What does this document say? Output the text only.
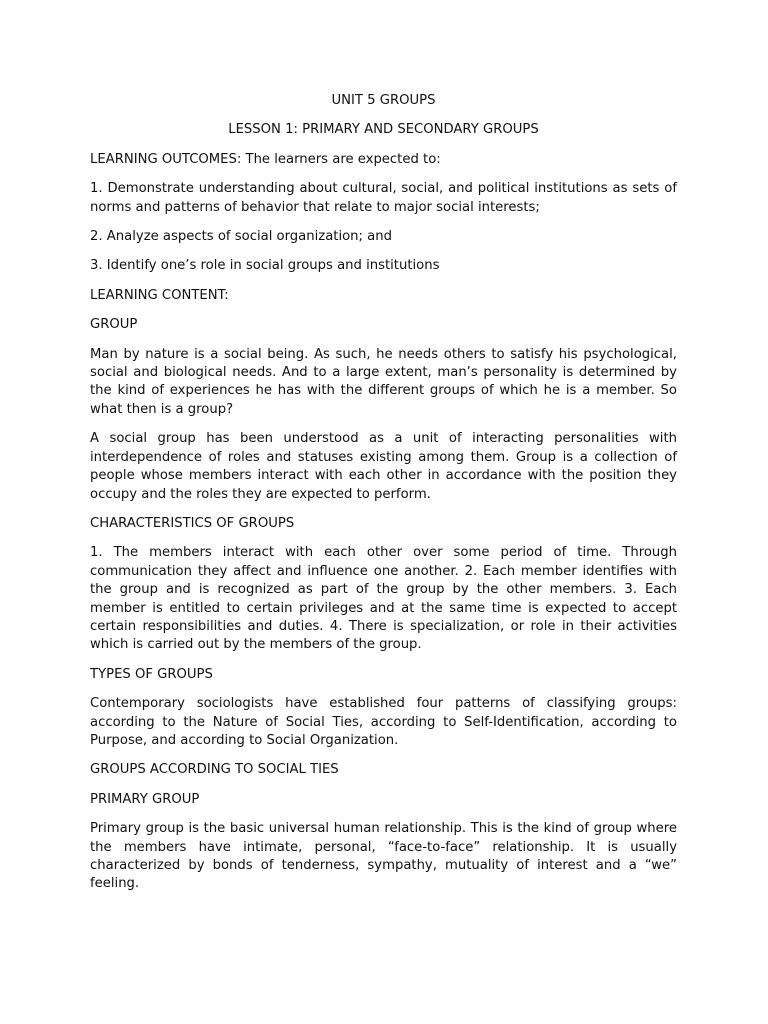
UNIT 5 GROUPS
LESSON 1: PRIMARY AND SECONDARY GROUPS

LEARNING OUTCOMES: The learners are expected to:

1. Demonstrate understanding about cultural, social, and political institutions as sets of norms and patterns of behavior that relate to major social interests;

2. Analyze aspects of social organization; and

3. Identify one’s role in social groups and institutions

LEARNING CONTENT:

GROUP

Man by nature is a social being. As such, he needs others to satisfy his psychological, social and biological needs. And to a large extent, man’s personality is determined by the kind of experiences he has with the different groups of which he is a member. So what then is a group?

A social group has been understood as a unit of interacting personalities with interdependence of roles and statuses existing among them. Group is a collection of people whose members interact with each other in accordance with the position they occupy and the roles they are expected to perform.

CHARACTERISTICS OF GROUPS

1. The members interact with each other over some period of time. Through communication they affect and influence one another. 2. Each member identifies with the group and is recognized as part of the group by the other members. 3. Each member is entitled to certain privileges and at the same time is expected to accept certain responsibilities and duties. 4. There is specialization, or role in their activities which is carried out by the members of the group.

TYPES OF GROUPS

Contemporary sociologists have established four patterns of classifying groups: according to the Nature of Social Ties, according to Self-Identification, according to Purpose, and according to Social Organization.

GROUPS ACCORDING TO SOCIAL TIES

PRIMARY GROUP

Primary group is the basic universal human relationship. This is the kind of group where the members have intimate, personal, “face-to-face” relationship. It is usually characterized by bonds of tenderness, sympathy, mutuality of interest and a “we” feeling.
